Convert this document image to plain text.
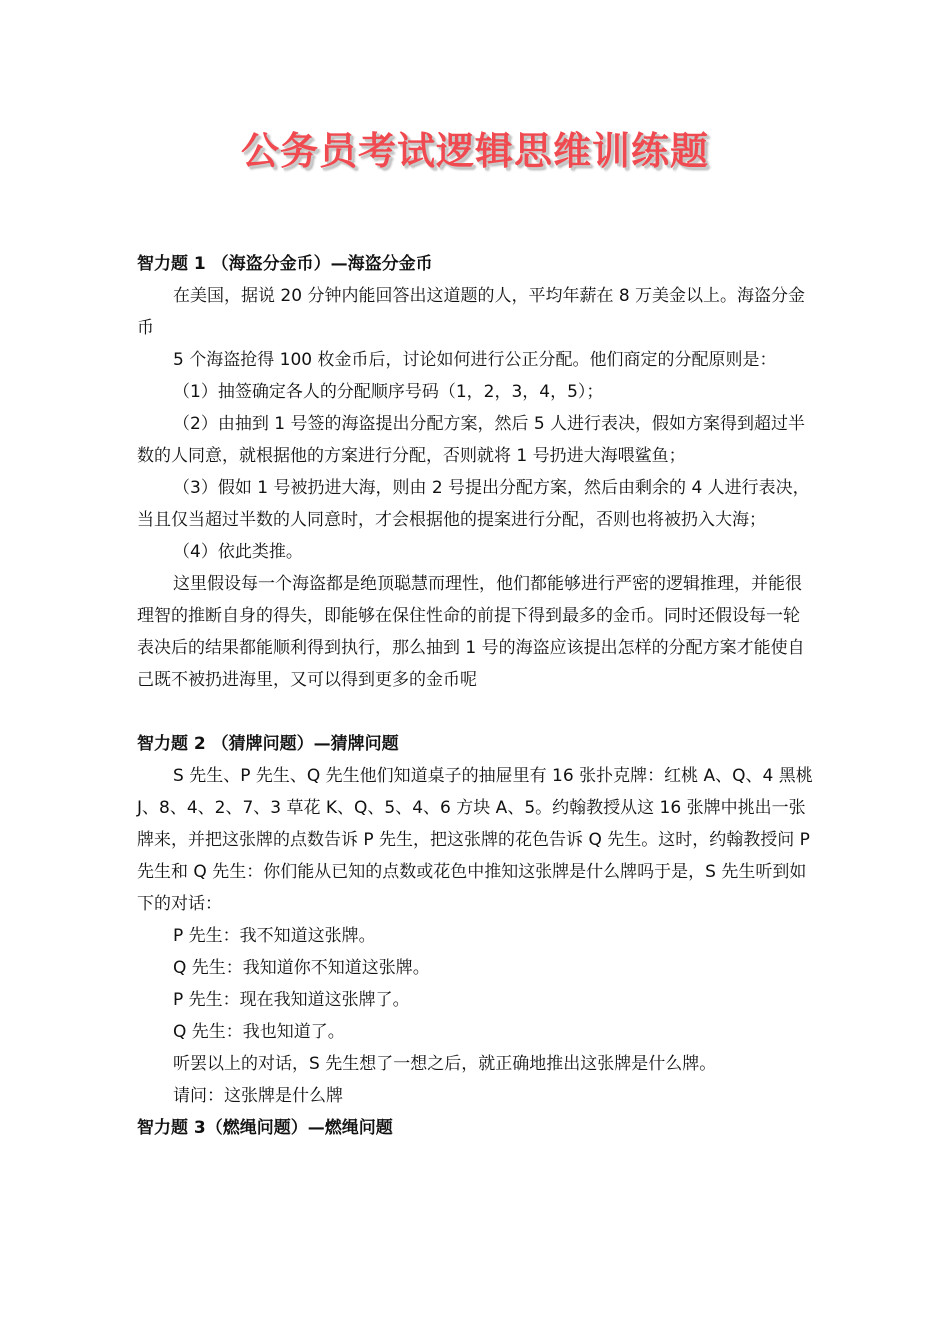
公务员考试逻辑思维训练题

智力题 1 （海盗分金币）—海盗分金币

在美国，据说 20 分钟内能回答出这道题的人，平均年薪在 8 万美金以上。海盗分金币

5 个海盗抢得 100 枚金币后，讨论如何进行公正分配。他们商定的分配原则是：

（1）抽签确定各人的分配顺序号码（1，2，3，4，5）；

（2）由抽到 1 号签的海盗提出分配方案，然后 5 人进行表决，假如方案得到超过半数的人同意，就根据他的方案进行分配，否则就将 1 号扔进大海喂鲨鱼；

（3）假如 1 号被扔进大海，则由 2 号提出分配方案，然后由剩余的 4 人进行表决，当且仅当超过半数的人同意时，才会根据他的提案进行分配，否则也将被扔入大海；

（4）依此类推。

这里假设每一个海盗都是绝顶聪慧而理性，他们都能够进行严密的逻辑推理，并能很理智的推断自身的得失，即能够在保住性命的前提下得到最多的金币。同时还假设每一轮表决后的结果都能顺利得到执行，那么抽到 1 号的海盗应该提出怎样的分配方案才能使自己既不被扔进海里，又可以得到更多的金币呢

智力题 2 （猜牌问题）—猜牌问题

S 先生、P 先生、Q 先生他们知道桌子的抽屉里有 16 张扑克牌：红桃 A、Q、4 黑桃 J、8、4、2、7、3 草花 K、Q、5、4、6 方块 A、5。约翰教授从这 16 张牌中挑出一张牌来，并把这张牌的点数告诉 P 先生，把这张牌的花色告诉 Q 先生。这时，约翰教授问 P 先生和 Q 先生：你们能从已知的点数或花色中推知这张牌是什么牌吗于是，S 先生听到如下的对话：

P 先生：我不知道这张牌。

Q 先生：我知道你不知道这张牌。

P 先生：现在我知道这张牌了。

Q 先生：我也知道了。

听罢以上的对话，S 先生想了一想之后，就正确地推出这张牌是什么牌。

请问：这张牌是什么牌

智力题 3（燃绳问题）—燃绳问题
